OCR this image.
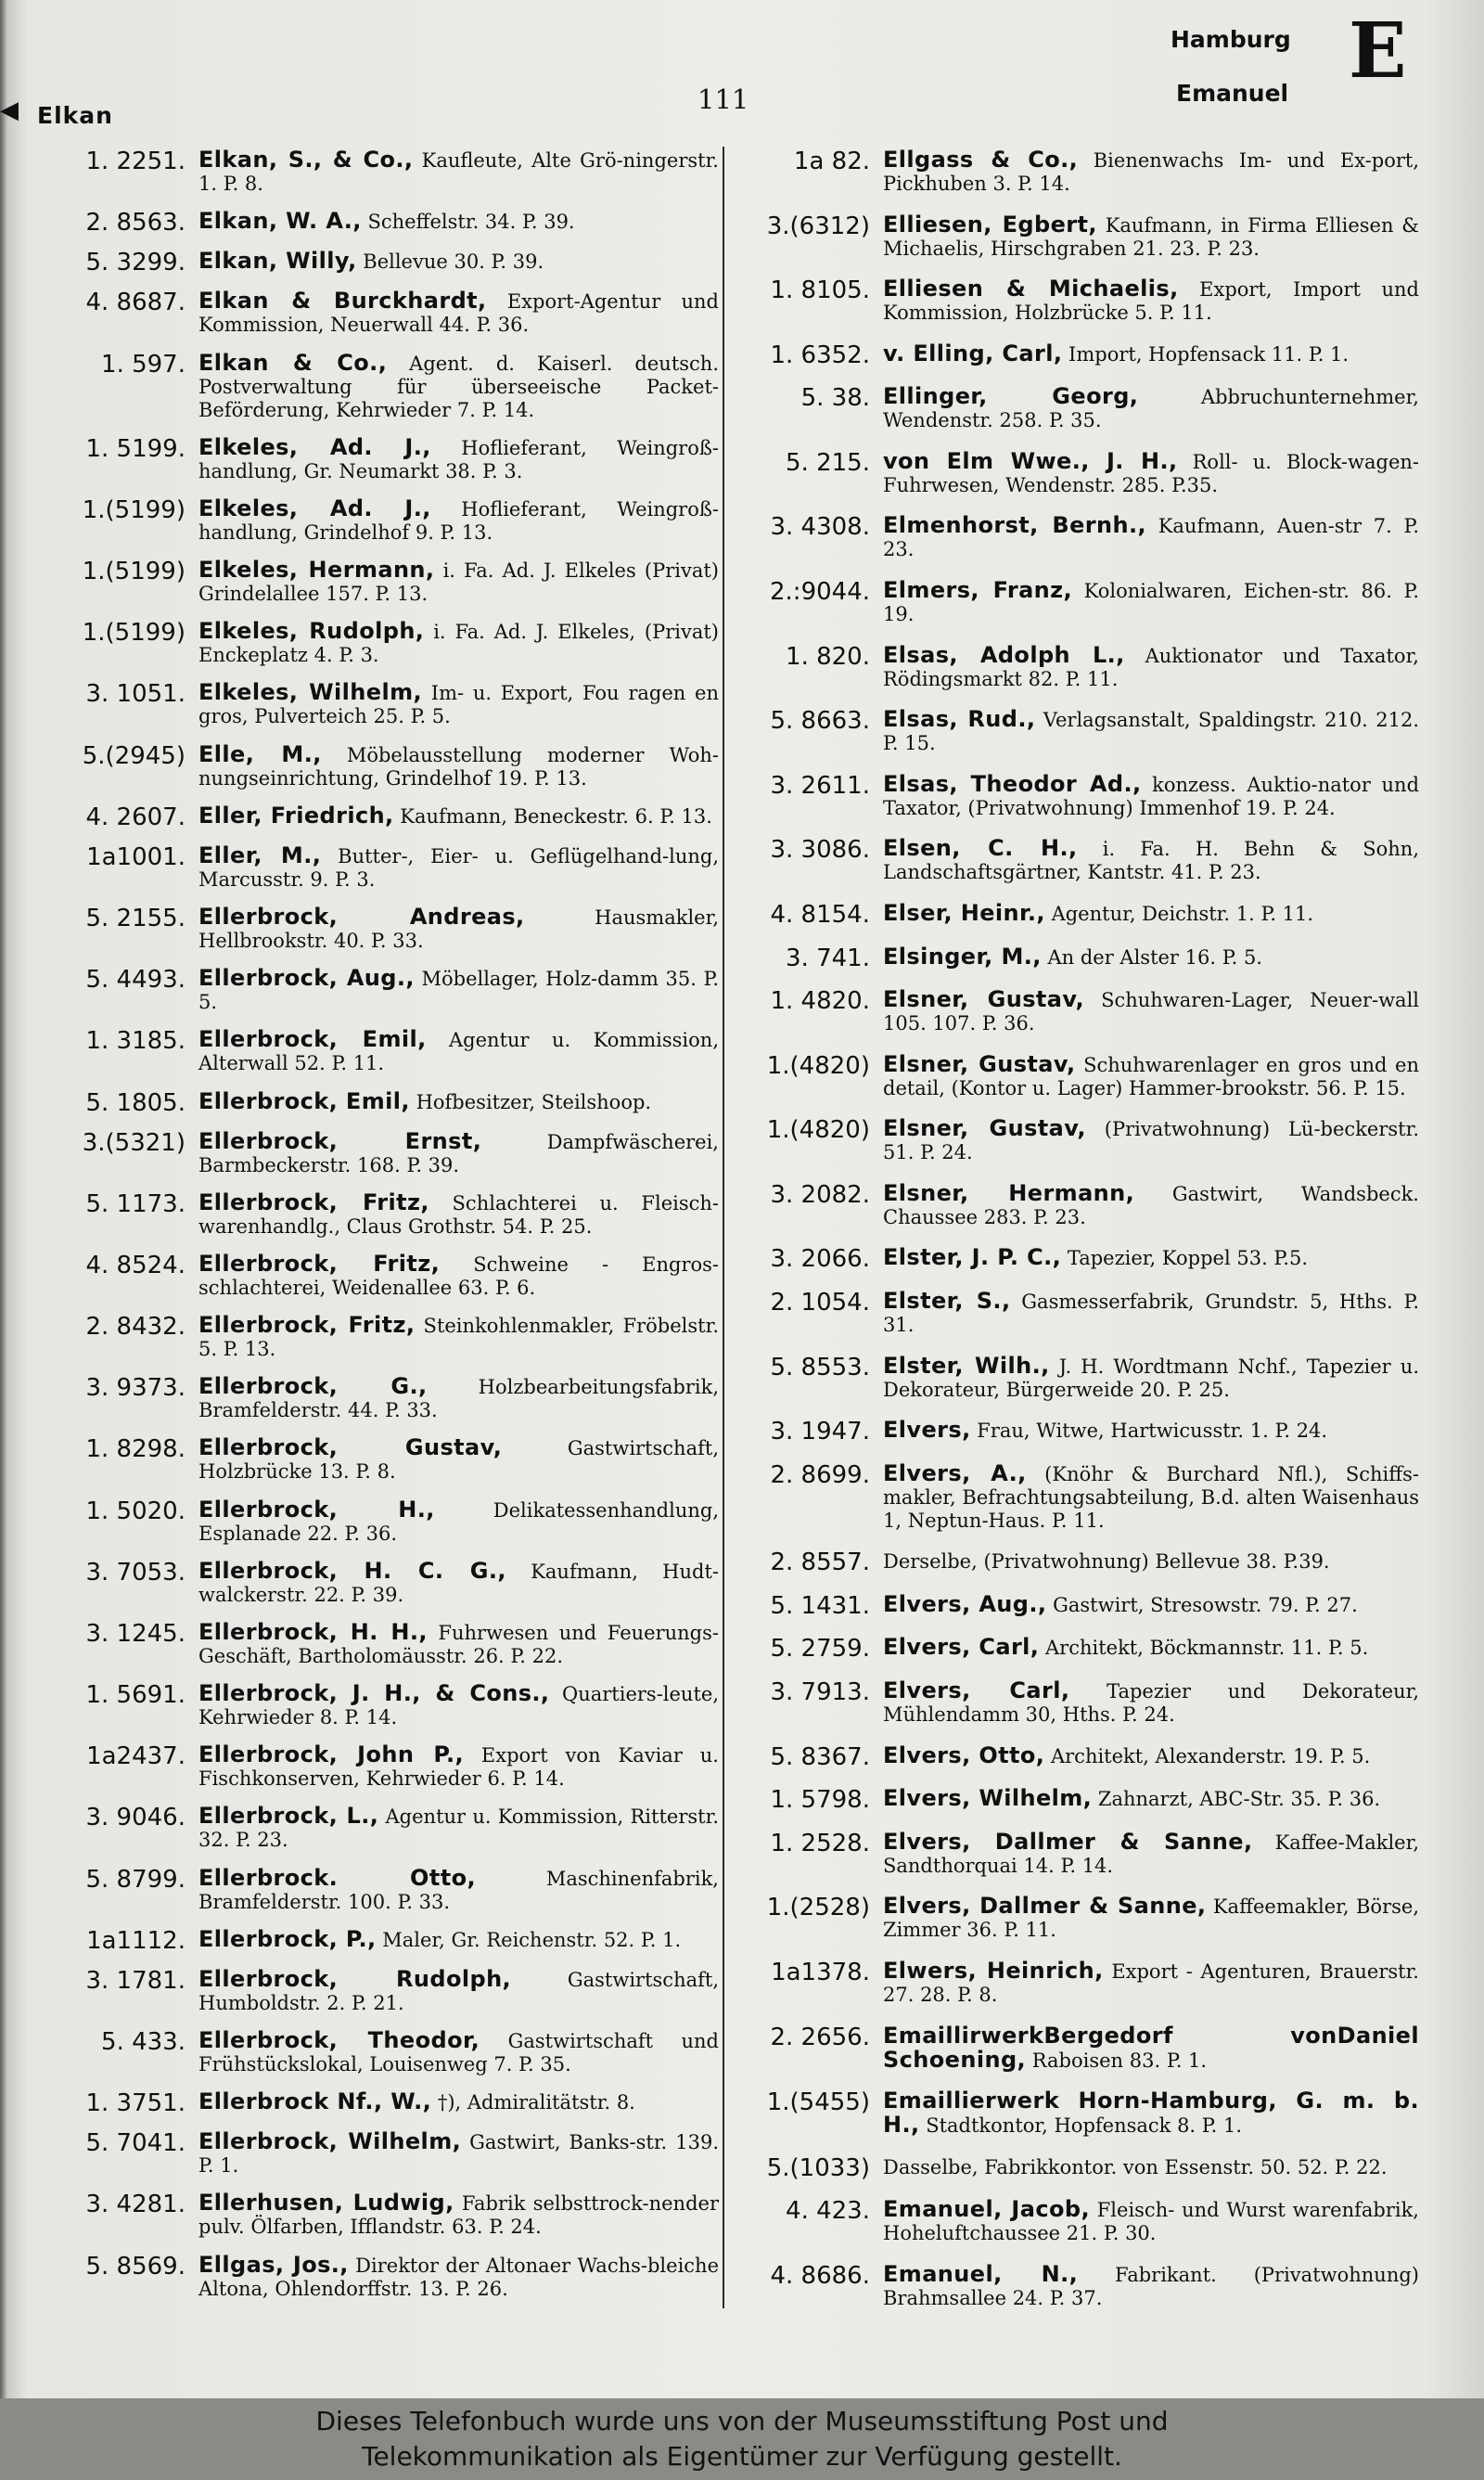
◀ Elkan
111
Hamburg
Emanuel E
1. 2251. Elkan, S., & Co., Kaufleute, Alte Grö-ningerstr. 1. P. 8.
2. 8563. Elkan, W. A., Scheffelstr. 34. P. 39.
5. 3299. Elkan, Willy, Bellevue 30. P. 39.
4. 8687. Elkan & Burckhardt, Export-Agentur und Kommission, Neuerwall 44. P. 36.
1. 597. Elkan & Co., Agent. d. Kaiserl. deutsch. Postverwaltung für überseeische Packet-Beförderung, Kehrwieder 7. P. 14.
1. 5199. Elkeles, Ad. J., Hoflieferant, Weingroß-handlung, Gr. Neumarkt 38. P. 3.
1.(5199) Elkeles, Ad. J., Hoflieferant, Weingroß-handlung, Grindelhof 9. P. 13.
1.(5199) Elkeles, Hermann, i. Fa. Ad. J. Elkeles (Privat) Grindelallee 157. P. 13.
1.(5199) Elkeles, Rudolph, i. Fa. Ad. J. Elkeles, (Privat) Enckeplatz 4. P. 3.
3. 1051. Elkeles, Wilhelm, Im- u. Export, Fou ragen en gros, Pulverteich 25. P. 5.
5.(2945) Elle, M., Möbelausstellung moderner Woh-nungseinrichtung, Grindelhof 19. P. 13.
4. 2607. Eller, Friedrich, Kaufmann, Beneckestr. 6. P. 13.
1a1001. Eller, M., Butter-, Eier- u. Geflügelhand-lung, Marcusstr. 9. P. 3.
5. 2155. Ellerbrock, Andreas, Hausmakler, Hellbrookstr. 40. P. 33.
5. 4493. Ellerbrock, Aug., Möbellager, Holz-damm 35. P. 5.
1. 3185. Ellerbrock, Emil, Agentur u. Kommission, Alterwall 52. P. 11.
5. 1805. Ellerbrock, Emil, Hofbesitzer, Steilshoop.
3.(5321) Ellerbrock, Ernst, Dampfwäscherei, Barmbeckerstr. 168. P. 39.
5. 1173. Ellerbrock, Fritz, Schlachterei u. Fleisch-warenhandlg., Claus Grothstr. 54. P. 25.
4. 8524. Ellerbrock, Fritz, Schweine - Engros-schlachterei, Weidenallee 63. P. 6.
2. 8432. Ellerbrock, Fritz, Steinkohlenmakler, Fröbelstr. 5. P. 13.
3. 9373. Ellerbrock, G., Holzbearbeitungsfabrik, Bramfelderstr. 44. P. 33.
1. 8298. Ellerbrock, Gustav, Gastwirtschaft, Holzbrücke 13. P. 8.
1. 5020. Ellerbrock, H., Delikatessenhandlung, Esplanade 22. P. 36.
3. 7053. Ellerbrock, H. C. G., Kaufmann, Hudt-walckerstr. 22. P. 39.
3. 1245. Ellerbrock, H. H., Fuhrwesen und Feuerungs-Geschäft, Bartholomäusstr. 26. P. 22.
1. 5691. Ellerbrock, J. H., & Cons., Quartiers-leute, Kehrwieder 8. P. 14.
1a2437. Ellerbrock, John P., Export von Kaviar u. Fischkonserven, Kehrwieder 6. P. 14.
3. 9046. Ellerbrock, L., Agentur u. Kommission, Ritterstr. 32. P. 23.
5. 8799. Ellerbrock. Otto, Maschinenfabrik, Bramfelderstr. 100. P. 33.
1a1112. Ellerbrock, P., Maler, Gr. Reichenstr. 52. P. 1.
3. 1781. Ellerbrock, Rudolph, Gastwirtschaft, Humboldstr. 2. P. 21.
5. 433. Ellerbrock, Theodor, Gastwirtschaft und Frühstückslokal, Louisenweg 7. P. 35.
1. 3751. Ellerbrock Nf., W., †), Admiralitätstr. 8.
5. 7041. Ellerbrock, Wilhelm, Gastwirt, Banks-str. 139. P. 1.
3. 4281. Ellerhusen, Ludwig, Fabrik selbsttrock-nender pulv. Ölfarben, Ifflandstr. 63. P. 24.
5. 8569. Ellgas, Jos., Direktor der Altonaer Wachs-bleiche Altona, Ohlendorffstr. 13. P. 26.
1a 82. Ellgass & Co., Bienenwachs Im- und Ex-port, Pickhuben 3. P. 14.
3.(6312) Elliesen, Egbert, Kaufmann, in Firma Elliesen & Michaelis, Hirschgraben 21. 23. P. 23.
1. 8105. Elliesen & Michaelis, Export, Import und Kommission, Holzbrücke 5. P. 11.
1. 6352. v. Elling, Carl, Import, Hopfensack 11. P. 1.
5. 38. Ellinger, Georg, Abbruchunternehmer, Wendenstr. 258. P. 35.
5. 215. von Elm Wwe., J. H., Roll- u. Block-wagen-Fuhrwesen, Wendenstr. 285. P.35.
3. 4308. Elmenhorst, Bernh., Kaufmann, Auen-str 7. P. 23.
2.:9044. Elmers, Franz, Kolonialwaren, Eichen-str. 86. P. 19.
1. 820. Elsas, Adolph L., Auktionator und Taxator, Rödingsmarkt 82. P. 11.
5. 8663. Elsas, Rud., Verlagsanstalt, Spaldingstr. 210. 212. P. 15.
3. 2611. Elsas, Theodor Ad., konzess. Auktio-nator und Taxator, (Privatwohnung) Immenhof 19. P. 24.
3. 3086. Elsen, C. H., i. Fa. H. Behn & Sohn, Landschaftsgärtner, Kantstr. 41. P. 23.
4. 8154. Elser, Heinr., Agentur, Deichstr. 1. P. 11.
3. 741. Elsinger, M., An der Alster 16. P. 5.
1. 4820. Elsner, Gustav, Schuhwaren-Lager, Neuer-wall 105. 107. P. 36.
1.(4820) Elsner, Gustav, Schuhwarenlager en gros und en detail, (Kontor u. Lager) Hammer-brookstr. 56. P. 15.
1.(4820) Elsner, Gustav, (Privatwohnung) Lü-beckerstr. 51. P. 24.
3. 2082. Elsner, Hermann, Gastwirt, Wandsbeck. Chaussee 283. P. 23.
3. 2066. Elster, J. P. C., Tapezier, Koppel 53. P.5.
2. 1054. Elster, S., Gasmesserfabrik, Grundstr. 5, Hths. P. 31.
5. 8553. Elster, Wilh., J. H. Wordtmann Nchf., Tapezier u. Dekorateur, Bürgerweide 20. P. 25.
3. 1947. Elvers, Frau, Witwe, Hartwicusstr. 1. P. 24.
2. 8699. Elvers, A., (Knöhr & Burchard Nfl.), Schiffs-makler, Befrachtungsabteilung, B.d. alten Waisenhaus 1, Neptun-Haus. P. 11.
2. 8557. Derselbe, (Privatwohnung) Bellevue 38. P.39.
5. 1431. Elvers, Aug., Gastwirt, Stresowstr. 79. P. 27.
5. 2759. Elvers, Carl, Architekt, Böckmannstr. 11. P. 5.
3. 7913. Elvers, Carl, Tapezier und Dekorateur, Mühlendamm 30, Hths. P. 24.
5. 8367. Elvers, Otto, Architekt, Alexanderstr. 19. P. 5.
1. 5798. Elvers, Wilhelm, Zahnarzt, ABC-Str. 35. P. 36.
1. 2528. Elvers, Dallmer & Sanne, Kaffee-Makler, Sandthorquai 14. P. 14.
1.(2528) Elvers, Dallmer & Sanne, Kaffeemakler, Börse, Zimmer 36. P. 11.
1a1378. Elwers, Heinrich, Export - Agenturen, Brauerstr. 27. 28. P. 8.
2. 2656. EmaillirwerkBergedorf vonDaniel Schoening, Raboisen 83. P. 1.
1.(5455) Emaillierwerk Horn-Hamburg, G. m. b. H., Stadtkontor, Hopfensack 8. P. 1.
5.(1033) Dasselbe, Fabrikkontor. von Essenstr. 50. 52. P. 22.
4. 423. Emanuel, Jacob, Fleisch- und Wurst warenfabrik, Hoheluftchaussee 21. P. 30.
4. 8686. Emanuel, N., Fabrikant. (Privatwohnung) Brahmsallee 24. P. 37.
Dieses Telefonbuch wurde uns von der Museumsstiftung Post und
Telekommunikation als Eigentümer zur Verfügung gestellt.
